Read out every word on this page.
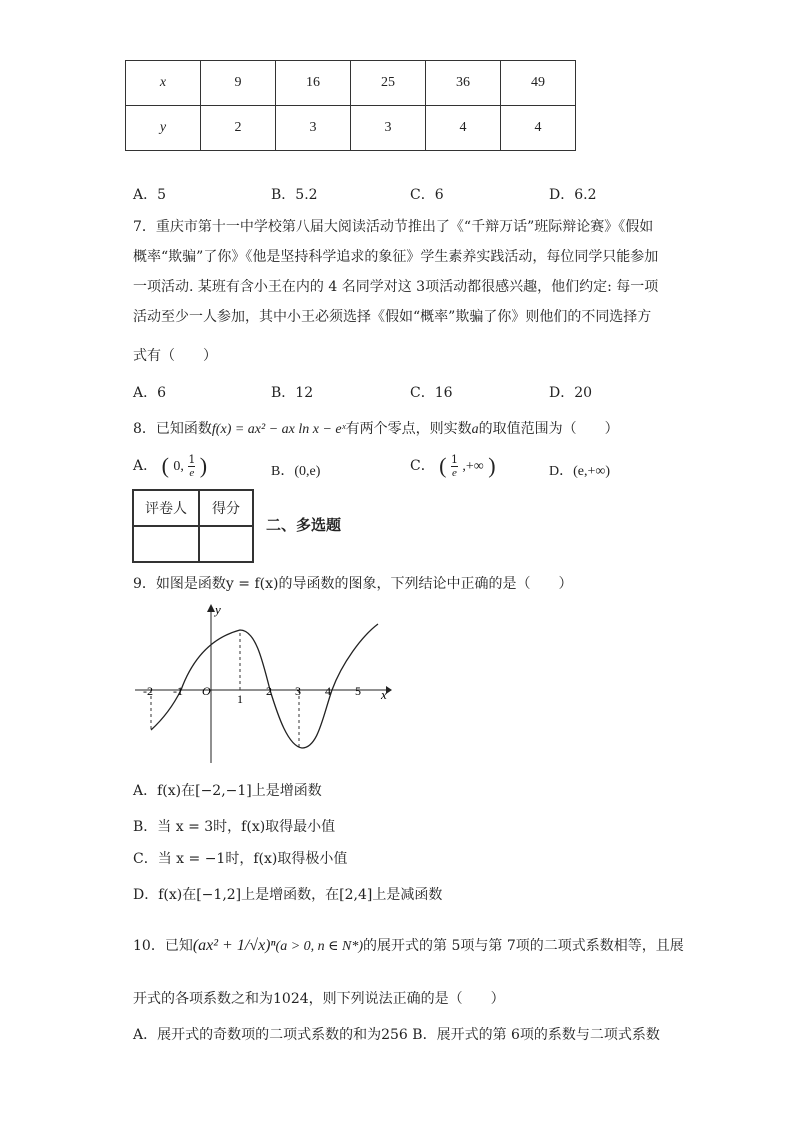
x	9	16	25	36	49
y	2	3	3	4	4
A．5	B．5.2	C．6	D．6.2
7．重庆市第十一中学校第八届大阅读活动节推出了《“千辩万话”班际辩论赛》《假如
概率“欺骗”了你》《他是坚持科学追求的象征》学生素养实践活动，每位同学只能参加
一项活动. 某班有含小王在内的 4 名同学对这 3项活动都很感兴趣，他们约定: 每一项
活动至少一人参加，其中小王必须选择《假如“概率”欺骗了你》则他们的不同选择方
式有（　　）
A．6	B．12	C．16	D．20
8．已知函数f(x) = ax² − ax ln x − eˣ有两个零点，则实数a的取值范围为（　　）
A． ( 0, $\frac{1}{e}$ )	B．(0,e)	C． ( $\frac{1}{e}$ ,+∞ )	D．(e,+∞)
评卷人	得分

二、多选题
9．如图是函数y = f(x)的导函数的图象，下列结论中正确的是（　　）
-2 -1 O
1
2 3 4 5 x
y
A．f(x)在[−2,−1]上是增函数
B．当 x = 3时，f(x)取得最小值
C．当 x = −1时，f(x)取得极小值
D．f(x)在[−1,2]上是增函数，在[2,4]上是减函数
10．已知(ax² + 1/√x)ⁿ(a > 0, n ∈ N*)的展开式的第 5项与第 7项的二项式系数相等，且展
开式的各项系数之和为1024，则下列说法正确的是（　　）
A．展开式的奇数项的二项式系数的和为256 B．展开式的第 6项的系数与二项式系数
